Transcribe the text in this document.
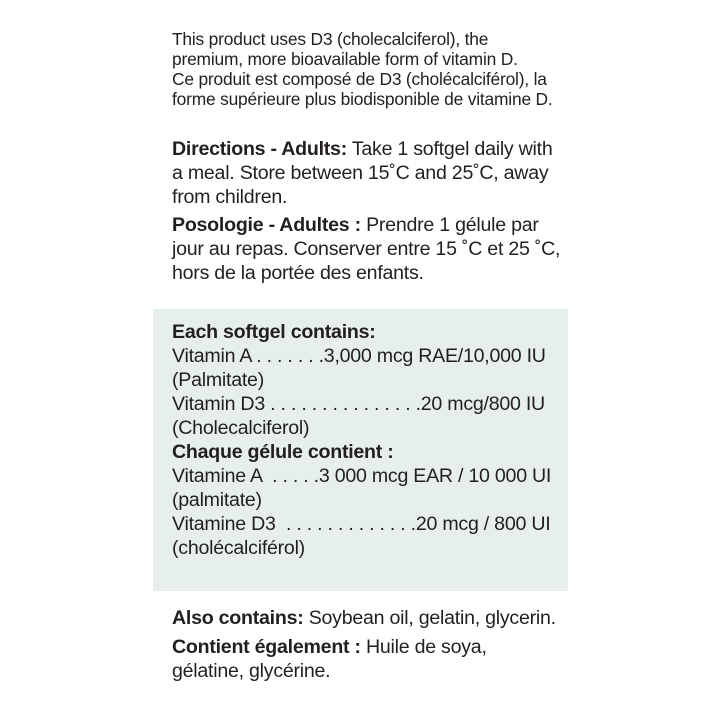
This product uses D3 (cholecalciferol), the

premium, more bioavailable form of vitamin D.

Ce produit est composé de D3 (cholécalciférol), la

forme supérieure plus biodisponible de vitamine D.

Directions - Adults: Take 1 softgel daily with
a meal. Store between 15˚C and 25˚C, away
from children.

Posologie - Adultes : Prendre 1 gélule par
jour au repas. Conserver entre 15 ˚C et 25 ˚C,
hors de la portée des enfants.

Each softgel contains:
Vitamin A . . . . . . .3,000 mcg RAE/10,000 IU
(Palmitate)
Vitamin D3 . . . . . . . . . . . . . . .20 mcg/800 IU
(Cholecalciferol)
Chaque gélule contient :
Vitamine A  . . . . .3 000 mcg EAR / 10 000 UI
(palmitate)
Vitamine D3  . . . . . . . . . . . . .20 mcg / 800 UI
(cholécalciférol)

Also contains: Soybean oil, gelatin, glycerin.

Contient également : Huile de soya,
gélatine, glycérine.
